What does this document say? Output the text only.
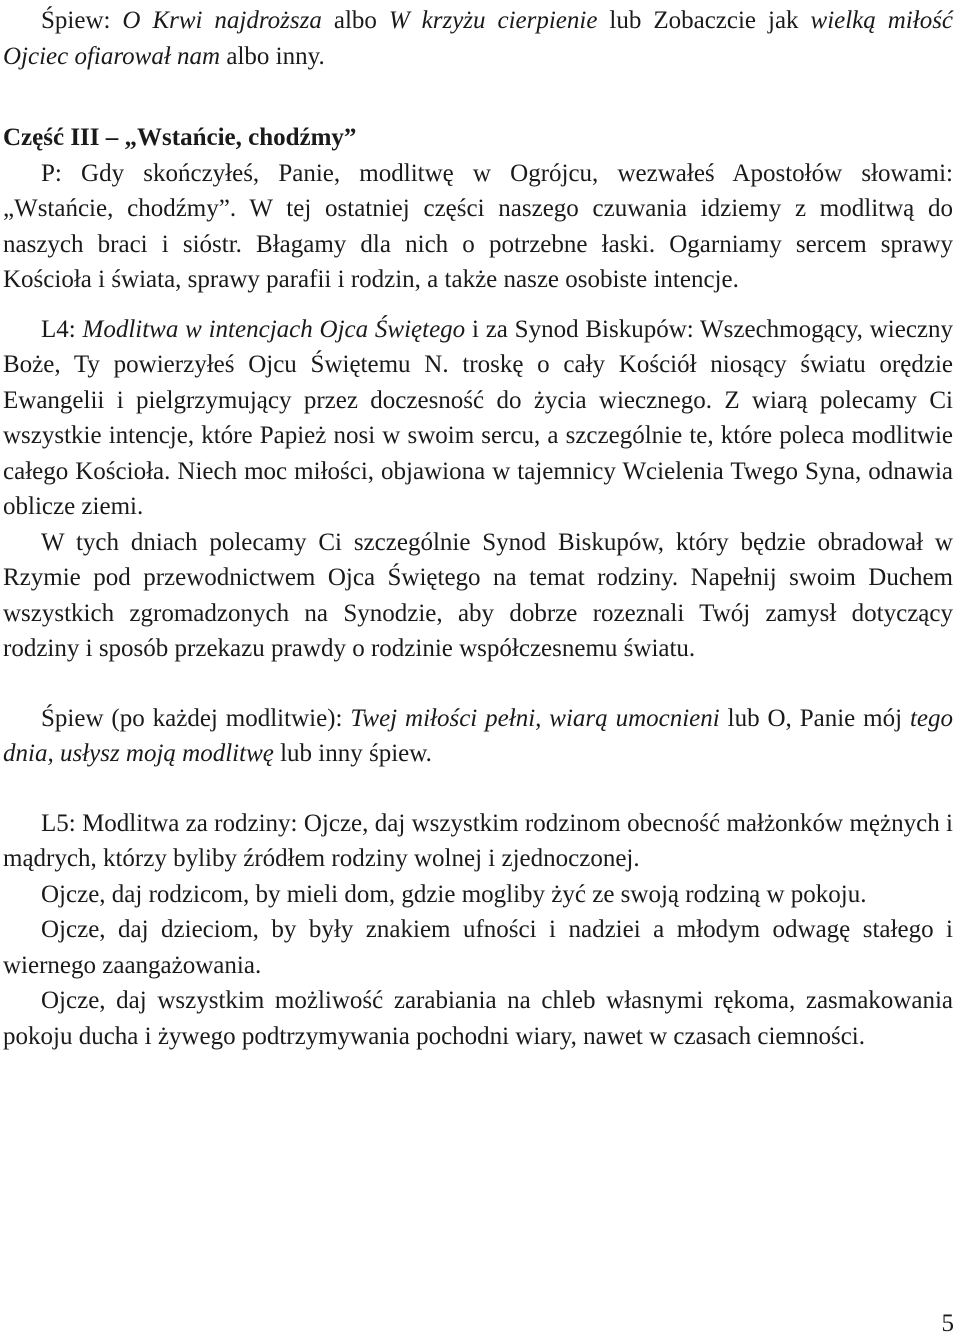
Śpiew: O Krwi najdroższa albo W krzyżu cierpienie lub Zobaczcie jak wielką miłość Ojciec ofiarował nam albo inny.

Część III – „Wstańcie, chodźmy”

P: Gdy skończyłeś, Panie, modlitwę w Ogrójcu, wezwałeś Apostołów słowami: „Wstańcie, chodźmy”. W tej ostatniej części naszego czuwania idziemy z modlitwą do naszych braci i sióstr. Błagamy dla nich o potrzebne łaski. Ogarniamy sercem sprawy Kościoła i świata, sprawy parafii i rodzin, a także nasze osobiste intencje.

L4: Modlitwa w intencjach Ojca Świętego i za Synod Biskupów: Wszechmogący, wieczny Boże, Ty powierzyłeś Ojcu Świętemu N. troskę o cały Kościół niosący światu orędzie Ewangelii i pielgrzymujący przez doczesność do życia wiecznego. Z wiarą polecamy Ci wszystkie intencje, które Papież nosi w swoim sercu, a szczególnie te, które poleca modlitwie całego Kościoła. Niech moc miłości, objawiona w tajemnicy Wcielenia Twego Syna, odnawia oblicze ziemi.

W tych dniach polecamy Ci szczególnie Synod Biskupów, który będzie obradował w Rzymie pod przewodnictwem Ojca Świętego na temat rodziny. Napełnij swoim Duchem wszystkich zgromadzonych na Synodzie, aby dobrze rozeznali Twój zamysł dotyczący rodziny i sposób przekazu prawdy o rodzinie współczesnemu światu.

Śpiew (po każdej modlitwie): Twej miłości pełni, wiarą umocnieni lub O, Panie mój tego dnia, usłysz moją modlitwę lub inny śpiew.

L5: Modlitwa za rodziny: Ojcze, daj wszystkim rodzinom obecność małżonków mężnych i mądrych, którzy byliby źródłem rodziny wolnej i zjednoczonej.

Ojcze, daj rodzicom, by mieli dom, gdzie mogliby żyć ze swoją rodziną w pokoju.

Ojcze, daj dzieciom, by były znakiem ufności i nadziei a młodym odwagę stałego i wiernego zaangażowania.

Ojcze, daj wszystkim możliwość zarabiania na chleb własnymi rękoma, zasmakowania pokoju ducha i żywego podtrzymywania pochodni wiary, nawet w czasach ciemności.

5
